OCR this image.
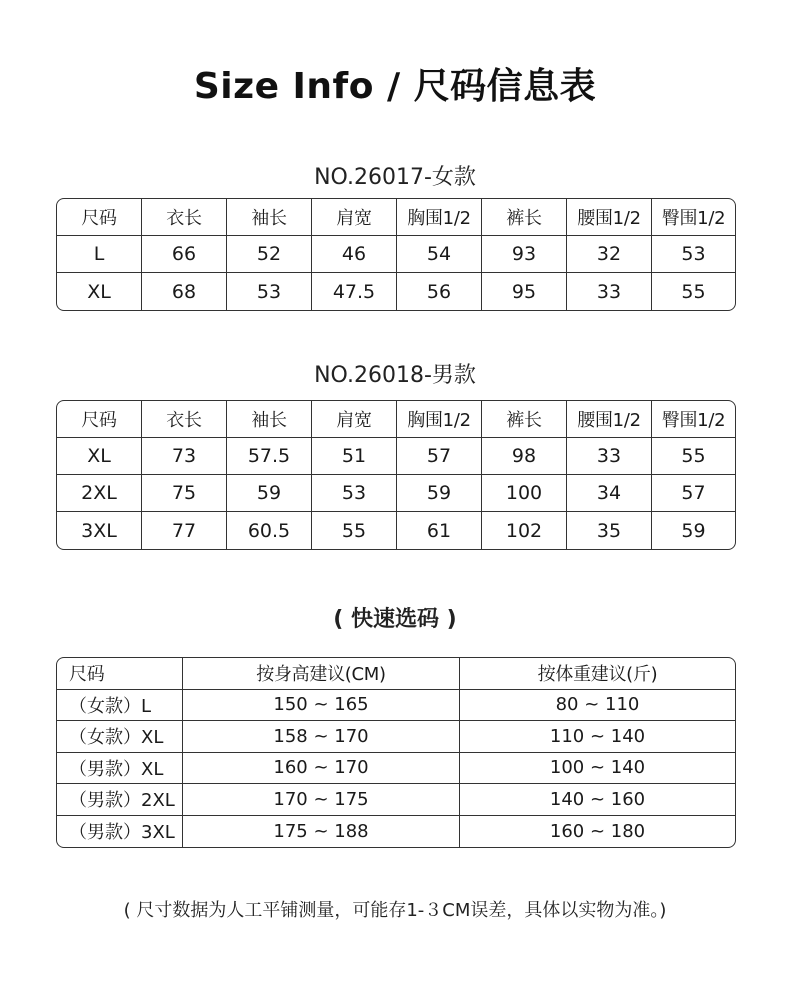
Size Info / 尺码信息表
NO.26017-女款
尺码	衣长	袖长	肩宽	胸围1/2	裤长	腰围1/2	臀围1/2
L	66	52	46	54	93	32	53
XL	68	53	47.5	56	95	33	55
NO.26018-男款
尺码	衣长	袖长	肩宽	胸围1/2	裤长	腰围1/2	臀围1/2
XL	73	57.5	51	57	98	33	55
2XL	75	59	53	59	100	34	57
3XL	77	60.5	55	61	102	35	59
( 快速选码 )
尺码	按身高建议(CM)	按体重建议(斤)
（女款）L	150 ~ 165	80 ~ 110
（女款）XL	158 ~ 170	110 ~ 140
（男款）XL	160 ~ 170	100 ~ 140
（男款）2XL	170 ~ 175	140 ~ 160
（男款）3XL	175 ~ 188	160 ~ 180
( 尺寸数据为人工平铺测量，可能存1-３CM误差，具体以实物为准。)
